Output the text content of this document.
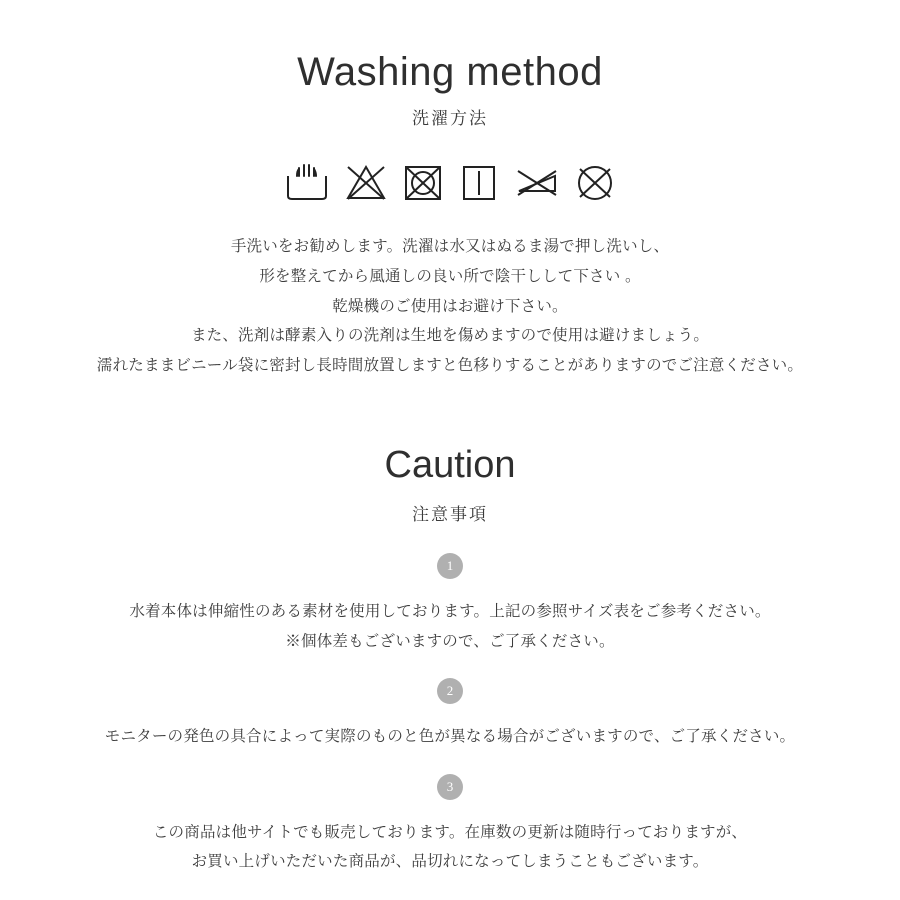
Washing method
洗濯方法
手洗いをお勧めします。洗濯は水又はぬるま湯で押し洗いし、
形を整えてから風通しの良い所で陰干しして下さい 。
乾燥機のご使用はお避け下さい。
また、洗剤は酵素入りの洗剤は生地を傷めますので使用は避けましょう。
濡れたままビニール袋に密封し長時間放置しますと色移りすることがありますのでご注意ください。
Caution
注意事項
1
水着本体は伸縮性のある素材を使用しております。上記の参照サイズ表をご参考ください。
※個体差もございますので、ご了承ください。
2
モニターの発色の具合によって実際のものと色が異なる場合がございますので、ご了承ください。
3
この商品は他サイトでも販売しております。在庫数の更新は随時行っておりますが、
お買い上げいただいた商品が、品切れになってしまうこともございます。
